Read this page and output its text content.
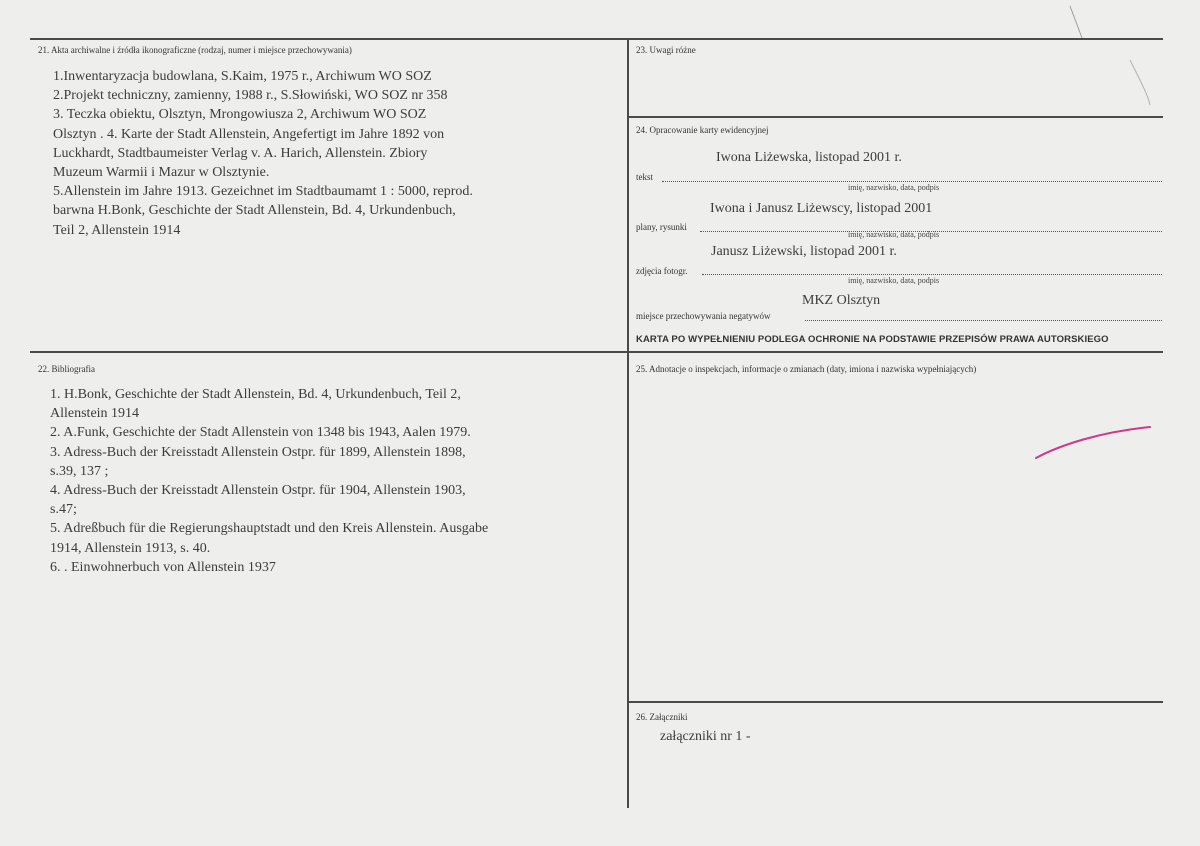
21. Akta archiwalne i źródła ikonograficzne (rodzaj, numer i miejsce przechowywania)
1.Inwentaryzacja budowlana, S.Kaim, 1975 r., Archiwum WO SOZ
2.Projekt techniczny, zamienny, 1988 r., S.Słowiński, WO SOZ nr 358
3. Teczka obiektu, Olsztyn, Mrongowiusza 2, Archiwum WO SOZ
Olsztyn . 4. Karte der Stadt Allenstein, Angefertigt im Jahre 1892 von
Luckhardt, Stadtbaumeister Verlag v. A. Harich, Allenstein. Zbiory
Muzeum Warmii i Mazur w Olsztynie.
5.Allenstein im Jahre 1913. Gezeichnet im Stadtbaumamt 1 : 5000, reprod.
barwna H.Bonk, Geschichte der Stadt Allenstein, Bd. 4, Urkundenbuch,
Teil 2, Allenstein 1914
22. Bibliografia
1. H.Bonk, Geschichte der Stadt Allenstein, Bd. 4, Urkundenbuch, Teil 2,
Allenstein 1914
2. A.Funk, Geschichte der Stadt Allenstein von 1348 bis 1943, Aalen 1979.
3. Adress-Buch der Kreisstadt Allenstein Ostpr. für 1899, Allenstein 1898,
s.39, 137 ;
4. Adress-Buch der Kreisstadt Allenstein Ostpr. für 1904, Allenstein 1903,
s.47;
5. Adreßbuch für die Regierungshauptstadt und den Kreis Allenstein. Ausgabe
1914, Allenstein 1913, s. 40.
6. . Einwohnerbuch von Allenstein 1937
23. Uwagi różne
24. Opracowanie karty ewidencyjnej
Iwona Liżewska, listopad 2001 r.
tekst
imię, nazwisko, data, podpis
Iwona i Janusz Liżewscy, listopad 2001
plany, rysunki
imię, nazwisko, data, podpis
Janusz Liżewski, listopad 2001 r.
zdjęcia fotogr.
imię, nazwisko, data, podpis
MKZ Olsztyn
miejsce przechowywania negatywów
KARTA PO WYPEŁNIENIU PODLEGA OCHRONIE NA PODSTAWIE PRZEPISÓW PRAWA AUTORSKIEGO
25. Adnotacje o inspekcjach, informacje o zmianach (daty, imiona i nazwiska wypełniających)
26. Załączniki
załączniki nr 1 -
